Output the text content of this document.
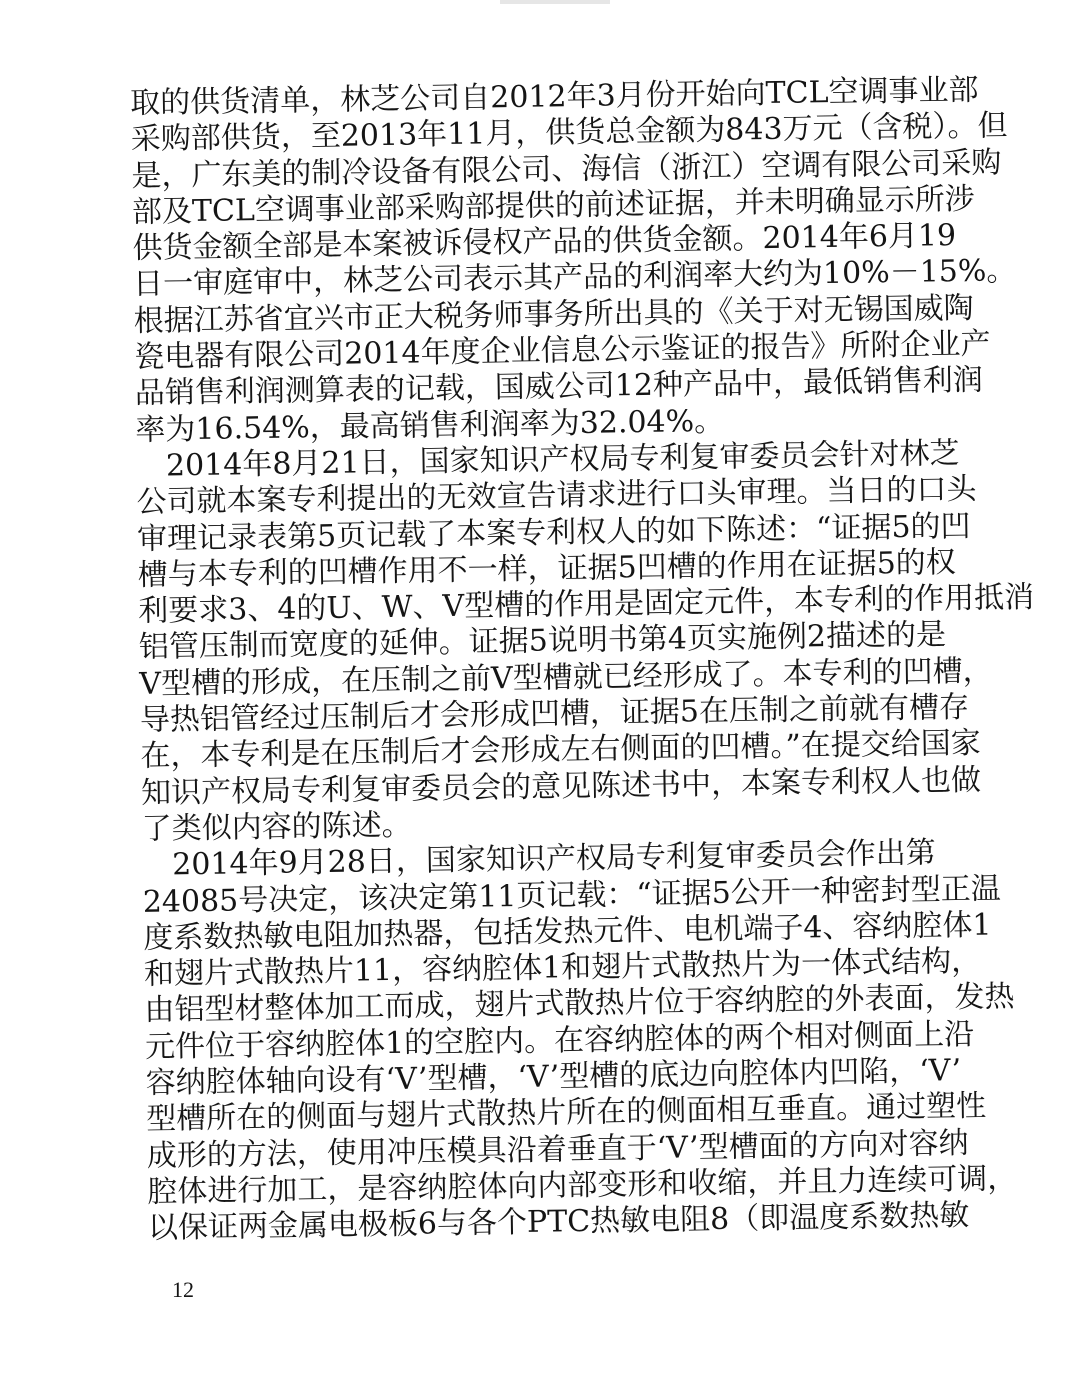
取的供货清单，林芝公司自2012年3月份开始向TCL空调事业部
采购部供货，至2013年11月，供货总金额为843万元（含税）。但
是，广东美的制冷设备有限公司、海信（浙江）空调有限公司采购
部及TCL空调事业部采购部提供的前述证据，并未明确显示所涉
供货金额全部是本案被诉侵权产品的供货金额。2014年6月19
日一审庭审中，林芝公司表示其产品的利润率大约为10%－15%。
根据江苏省宜兴市正大税务师事务所出具的《关于对无锡国威陶
瓷电器有限公司2014年度企业信息公示鉴证的报告》所附企业产
品销售利润测算表的记载，国威公司12种产品中，最低销售利润
率为16.54%，最高销售利润率为32.04%。
　2014年8月21日，国家知识产权局专利复审委员会针对林芝
公司就本案专利提出的无效宣告请求进行口头审理。当日的口头
审理记录表第5页记载了本案专利权人的如下陈述：“证据5的凹
槽与本专利的凹槽作用不一样，证据5凹槽的作用在证据5的权
利要求3、4的U、W、V型槽的作用是固定元件，本专利的作用抵消
铝管压制而宽度的延伸。证据5说明书第4页实施例2描述的是
V型槽的形成，在压制之前V型槽就已经形成了。本专利的凹槽，
导热铝管经过压制后才会形成凹槽，证据5在压制之前就有槽存
在，本专利是在压制后才会形成左右侧面的凹槽。”在提交给国家
知识产权局专利复审委员会的意见陈述书中，本案专利权人也做
了类似内容的陈述。
　2014年9月28日，国家知识产权局专利复审委员会作出第
24085号决定，该决定第11页记载：“证据5公开一种密封型正温
度系数热敏电阻加热器，包括发热元件、电机端子4、容纳腔体1
和翅片式散热片11，容纳腔体1和翅片式散热片为一体式结构，
由铝型材整体加工而成，翅片式散热片位于容纳腔的外表面，发热
元件位于容纳腔体1的空腔内。在容纳腔体的两个相对侧面上沿
容纳腔体轴向设有‘V’型槽，‘V’型槽的底边向腔体内凹陷，‘V’
型槽所在的侧面与翅片式散热片所在的侧面相互垂直。通过塑性
成形的方法，使用冲压模具沿着垂直于‘V’型槽面的方向对容纳
腔体进行加工，是容纳腔体向内部变形和收缩，并且力连续可调，
以保证两金属电极板6与各个PTC热敏电阻8（即温度系数热敏
12
